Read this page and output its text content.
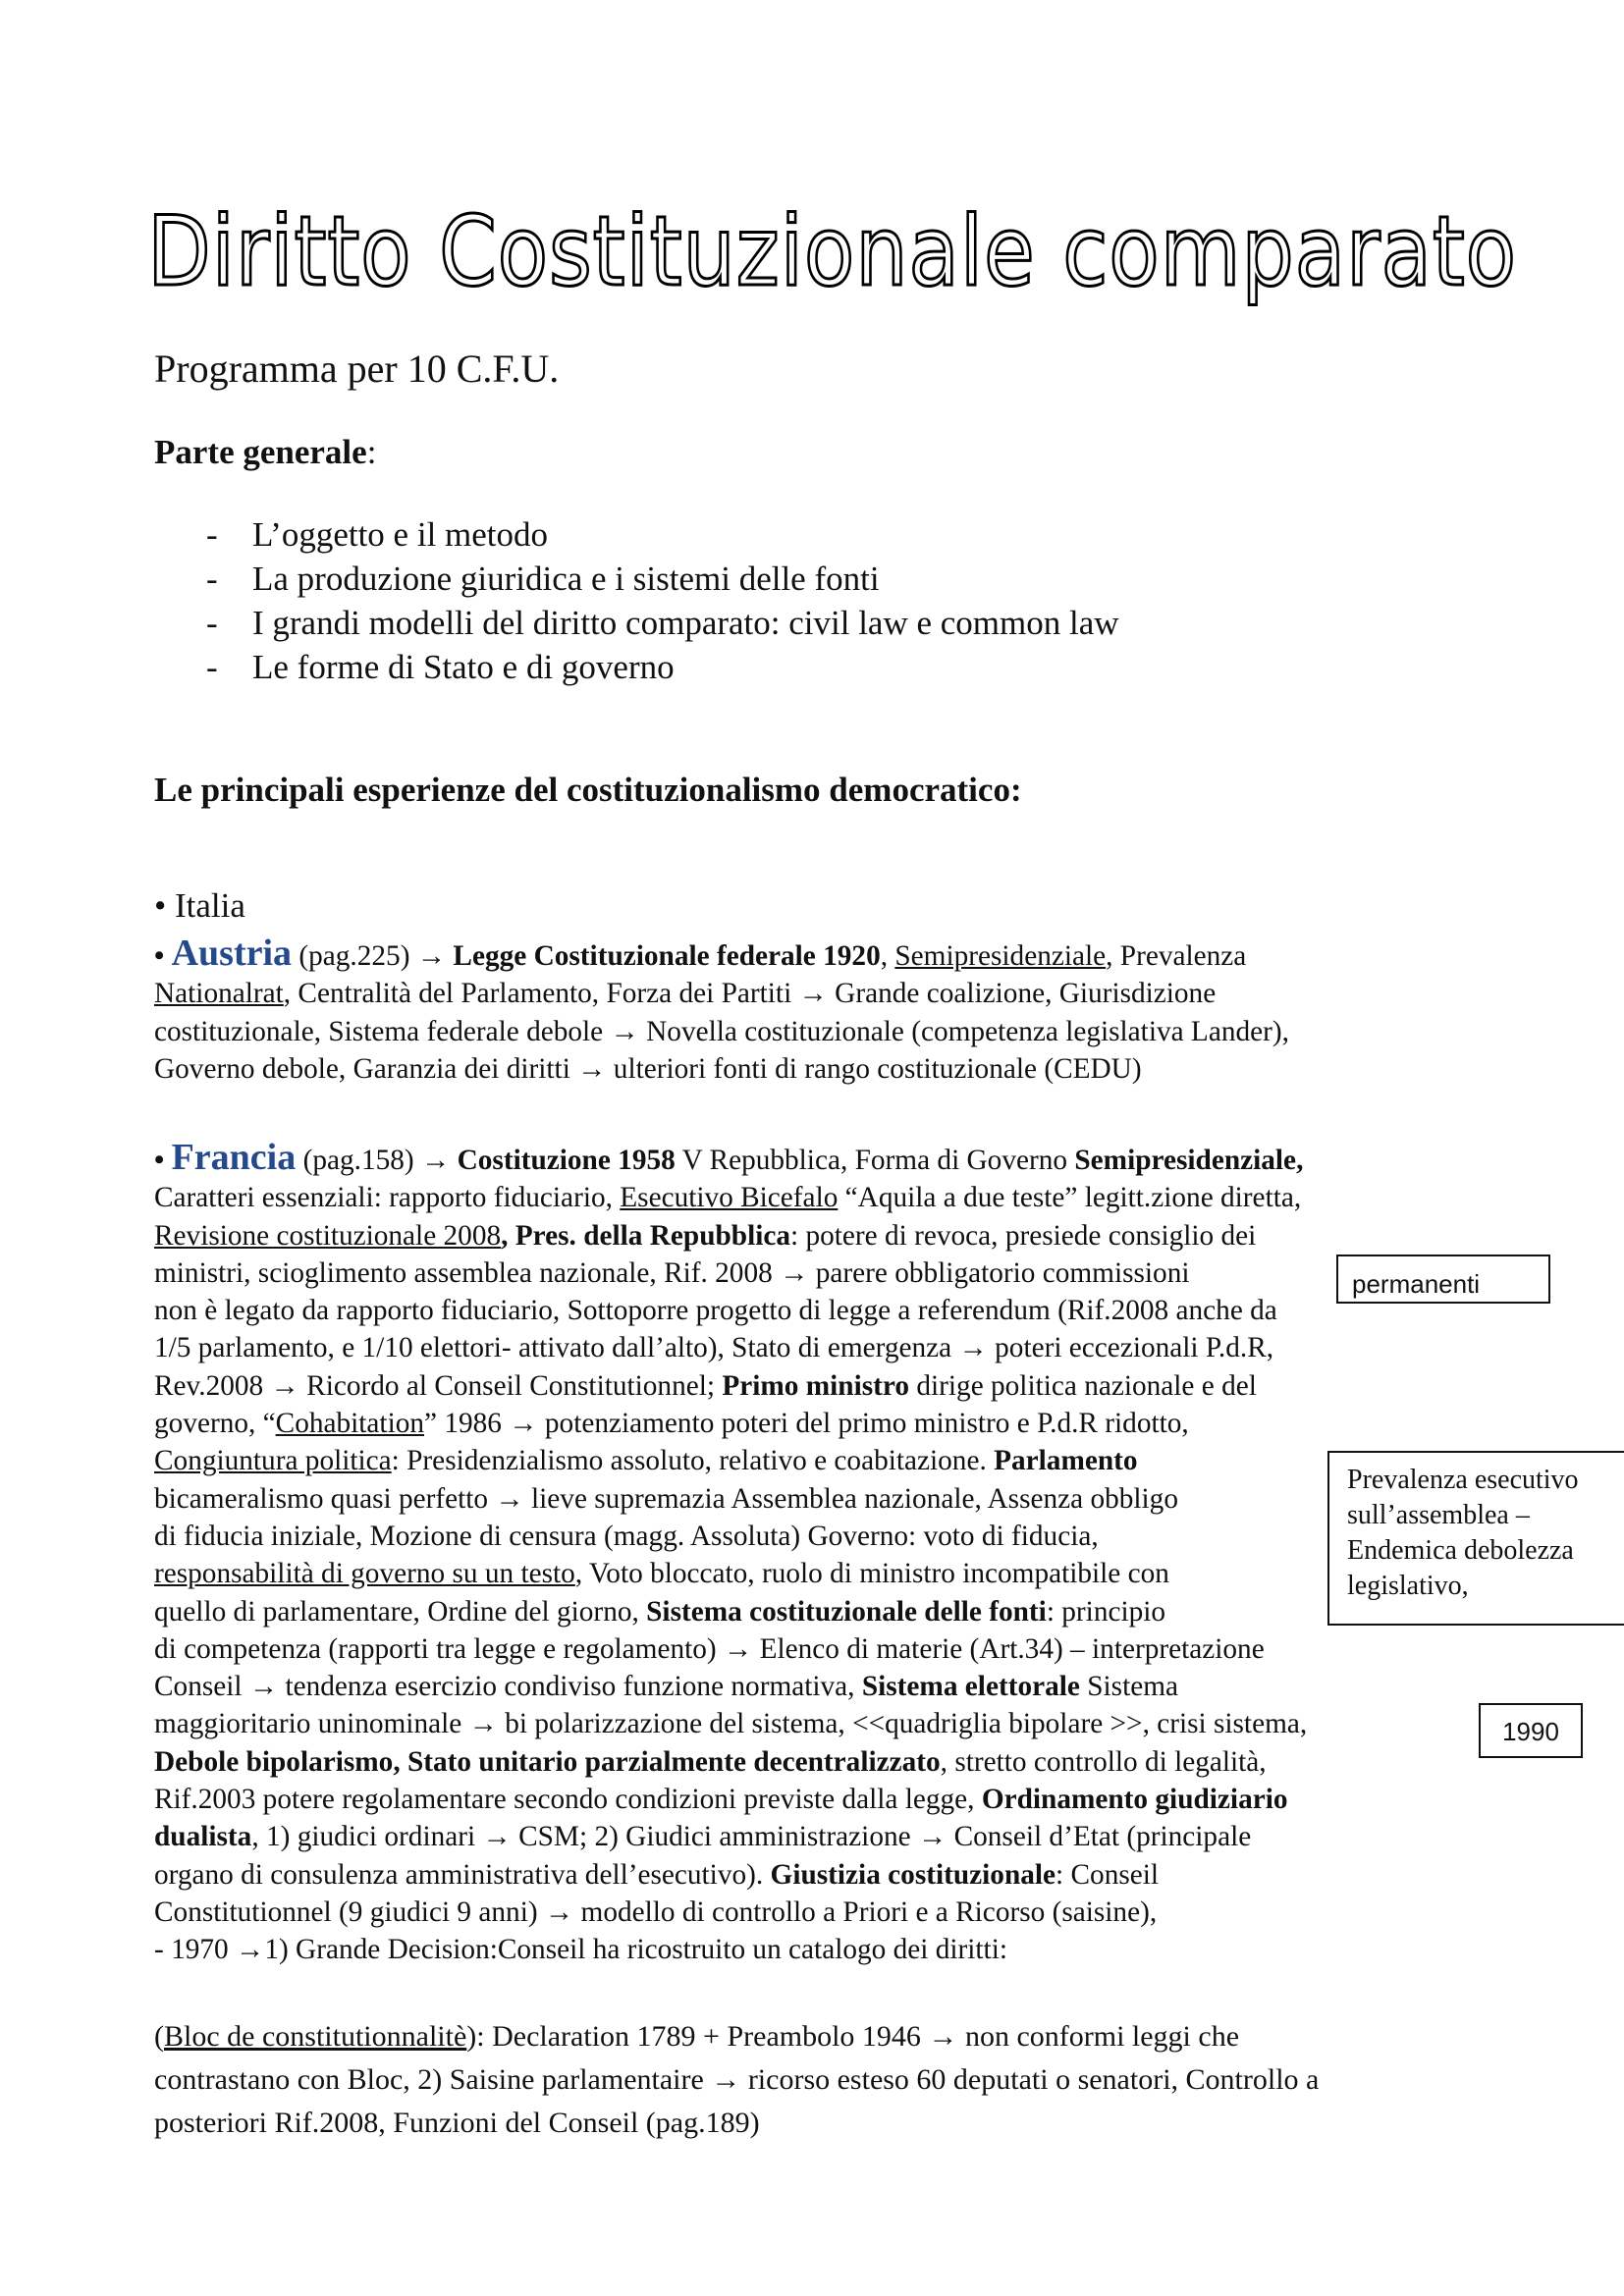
Diritto Costituzionale comparato
Programma per 10 C.F.U.
Parte generale:
-	L’oggetto e il metodo
-	La produzione giuridica e i sistemi delle fonti
-	I grandi modelli del diritto comparato: civil law e common law
-	Le forme di Stato e di governo
Le principali esperienze del costituzionalismo democratico:
• Italia
• Austria (pag.225) → Legge Costituzionale federale 1920, Semipresidenziale, Prevalenza
Nationalrat, Centralità del Parlamento, Forza dei Partiti → Grande coalizione, Giurisdizione
costituzionale, Sistema federale debole → Novella costituzionale (competenza legislativa Lander),
Governo debole, Garanzia dei diritti → ulteriori fonti di rango costituzionale (CEDU)
• Francia (pag.158) → Costituzione 1958 V Repubblica, Forma di Governo Semipresidenziale,
Caratteri essenziali: rapporto fiduciario, Esecutivo Bicefalo “Aquila a due teste” legitt.zione diretta,
Revisione costituzionale 2008, Pres. della Repubblica: potere di revoca, presiede consiglio dei
ministri, scioglimento assemblea nazionale, Rif. 2008 → parere obbligatorio commissioni
non è legato da rapporto fiduciario, Sottoporre progetto di legge a referendum (Rif.2008 anche da
1/5 parlamento, e 1/10 elettori- attivato dall’alto), Stato di emergenza → poteri eccezionali P.d.R,
Rev.2008 → Ricordo al Conseil Constitutionnel; Primo ministro dirige politica nazionale e del
governo, “Cohabitation” 1986 → potenziamento poteri del primo ministro e P.d.R ridotto,
Congiuntura politica: Presidenzialismo assoluto, relativo e coabitazione. Parlamento
bicameralismo quasi perfetto → lieve supremazia Assemblea nazionale, Assenza obbligo
di fiducia iniziale, Mozione di censura (magg. Assoluta) Governo: voto di fiducia,
responsabilità di governo su un testo, Voto bloccato, ruolo di ministro incompatibile con
quello di parlamentare, Ordine del giorno, Sistema costituzionale delle fonti: principio
di competenza (rapporti tra legge e regolamento) → Elenco di materie (Art.34) – interpretazione
Conseil → tendenza esercizio condiviso funzione normativa, Sistema elettorale Sistema
maggioritario uninominale → bi polarizzazione del sistema, <<quadriglia bipolare >>, crisi sistema,
Debole bipolarismo, Stato unitario parzialmente decentralizzato, stretto controllo di legalità,
Rif.2003 potere regolamentare secondo condizioni previste dalla legge, Ordinamento giudiziario
dualista, 1) giudici ordinari → CSM; 2) Giudici amministrazione → Conseil d’Etat (principale
organo di consulenza amministrativa dell’esecutivo). Giustizia costituzionale: Conseil
Constitutionnel (9 giudici 9 anni) → modello di controllo a Priori e a Ricorso (saisine),
- 1970 →1) Grande Decision:Conseil ha ricostruito un catalogo dei diritti:
(Bloc de constitutionnalitè): Declaration 1789 + Preambolo 1946 → non conformi leggi che
contrastano con Bloc, 2) Saisine parlamentaire → ricorso esteso 60 deputati o senatori, Controllo a
posteriori Rif.2008, Funzioni del Conseil (pag.189)
permanenti
Prevalenza esecutivo
sull’assemblea –
Endemica debolezza
legislativo,
1990
